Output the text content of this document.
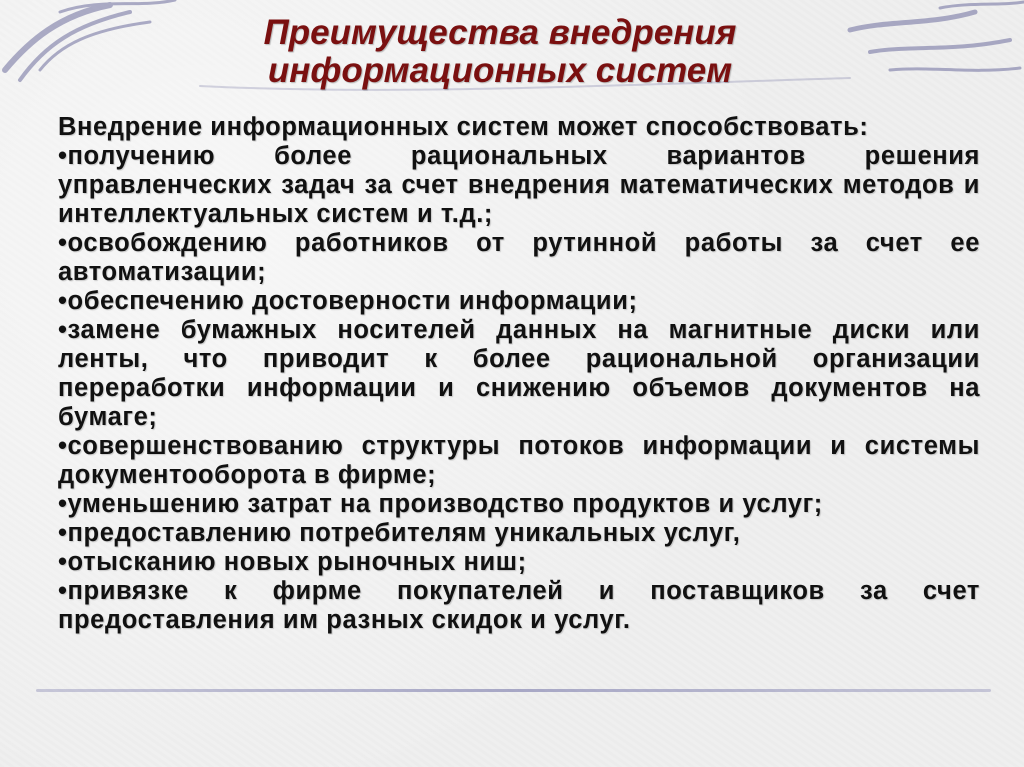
Преимущества внедрения
информационных систем

Внедрение информационных систем может способствовать:

•получению более рациональных вариантов решения управленческих задач за счет внедрения математических методов и интеллектуальных систем и т.д.;

•освобождению работников от рутинной работы за счет ее автоматизации;

•обеспечению достоверности информации;

•замене бумажных носителей данных на магнитные диски или ленты, что приводит к более рациональной организации переработки информации и снижению объемов документов на бумаге;

•совершенствованию структуры потоков информации и системы документооборота в фирме;

•уменьшению затрат на производство продуктов и услуг;

•предоставлению потребителям уникальных услуг,

•отысканию новых рыночных ниш;

•привязке к фирме покупателей и поставщиков за счет предоставления им разных скидок и услуг.
